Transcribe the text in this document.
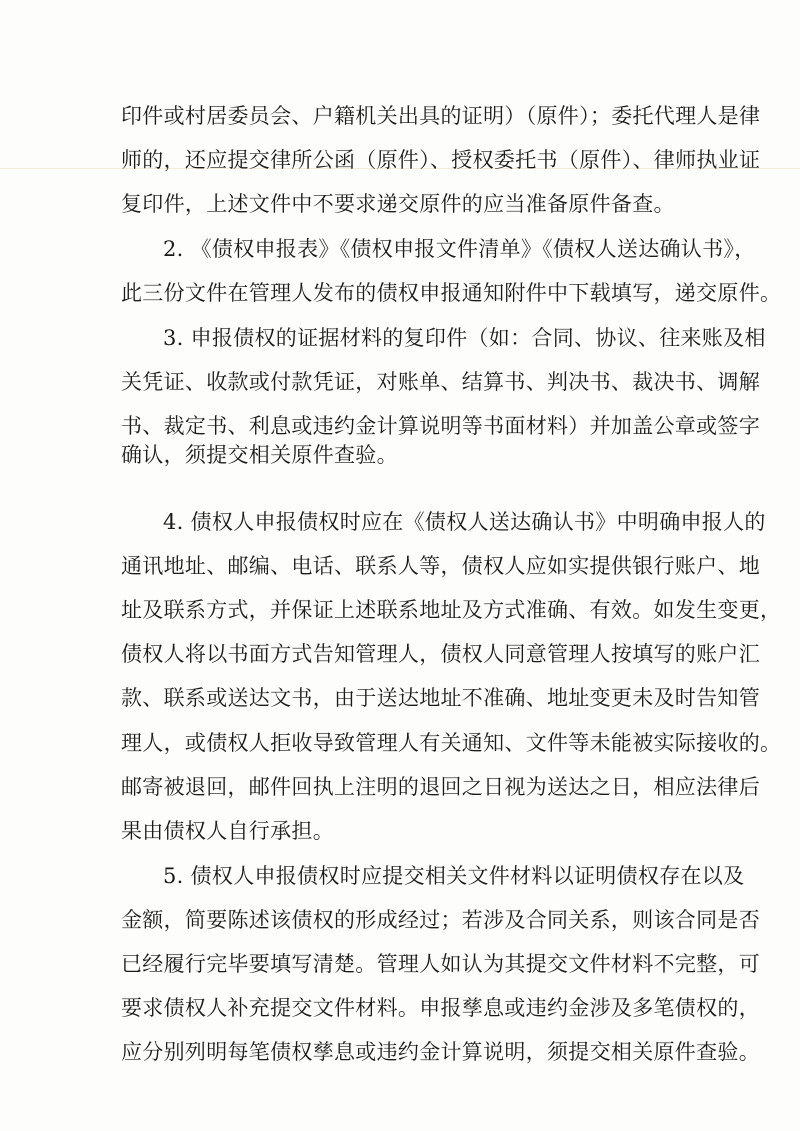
印件或村居委员会、户籍机关出具的证明）（原件）；委托代理人是律
师的，还应提交律所公函（原件）、授权委托书（原件）、律师执业证
复印件，上述文件中不要求递交原件的应当准备原件备查。
2. 《债权申报表》《债权申报文件清单》《债权人送达确认书》，
此三份文件在管理人发布的债权申报通知附件中下载填写，递交原件。
3. 申报债权的证据材料的复印件（如：合同、协议、往来账及相
关凭证、收款或付款凭证，对账单、结算书、判决书、裁决书、调解
书、裁定书、利息或违约金计算说明等书面材料）并加盖公章或签字
确认，须提交相关原件查验。
4. 债权人申报债权时应在《债权人送达确认书》中明确申报人的
通讯地址、邮编、电话、联系人等，债权人应如实提供银行账户、地
址及联系方式，并保证上述联系地址及方式准确、有效。如发生变更，
债权人将以书面方式告知管理人，债权人同意管理人按填写的账户汇
款、联系或送达文书，由于送达地址不准确、地址变更未及时告知管
理人，或债权人拒收导致管理人有关通知、文件等未能被实际接收的。
邮寄被退回，邮件回执上注明的退回之日视为送达之日，相应法律后
果由债权人自行承担。
5. 债权人申报债权时应提交相关文件材料以证明债权存在以及
金额，简要陈述该债权的形成经过；若涉及合同关系，则该合同是否
已经履行完毕要填写清楚。管理人如认为其提交文件材料不完整，可
要求债权人补充提交文件材料。申报孳息或违约金涉及多笔债权的，
应分别列明每笔债权孳息或违约金计算说明，须提交相关原件查验。
